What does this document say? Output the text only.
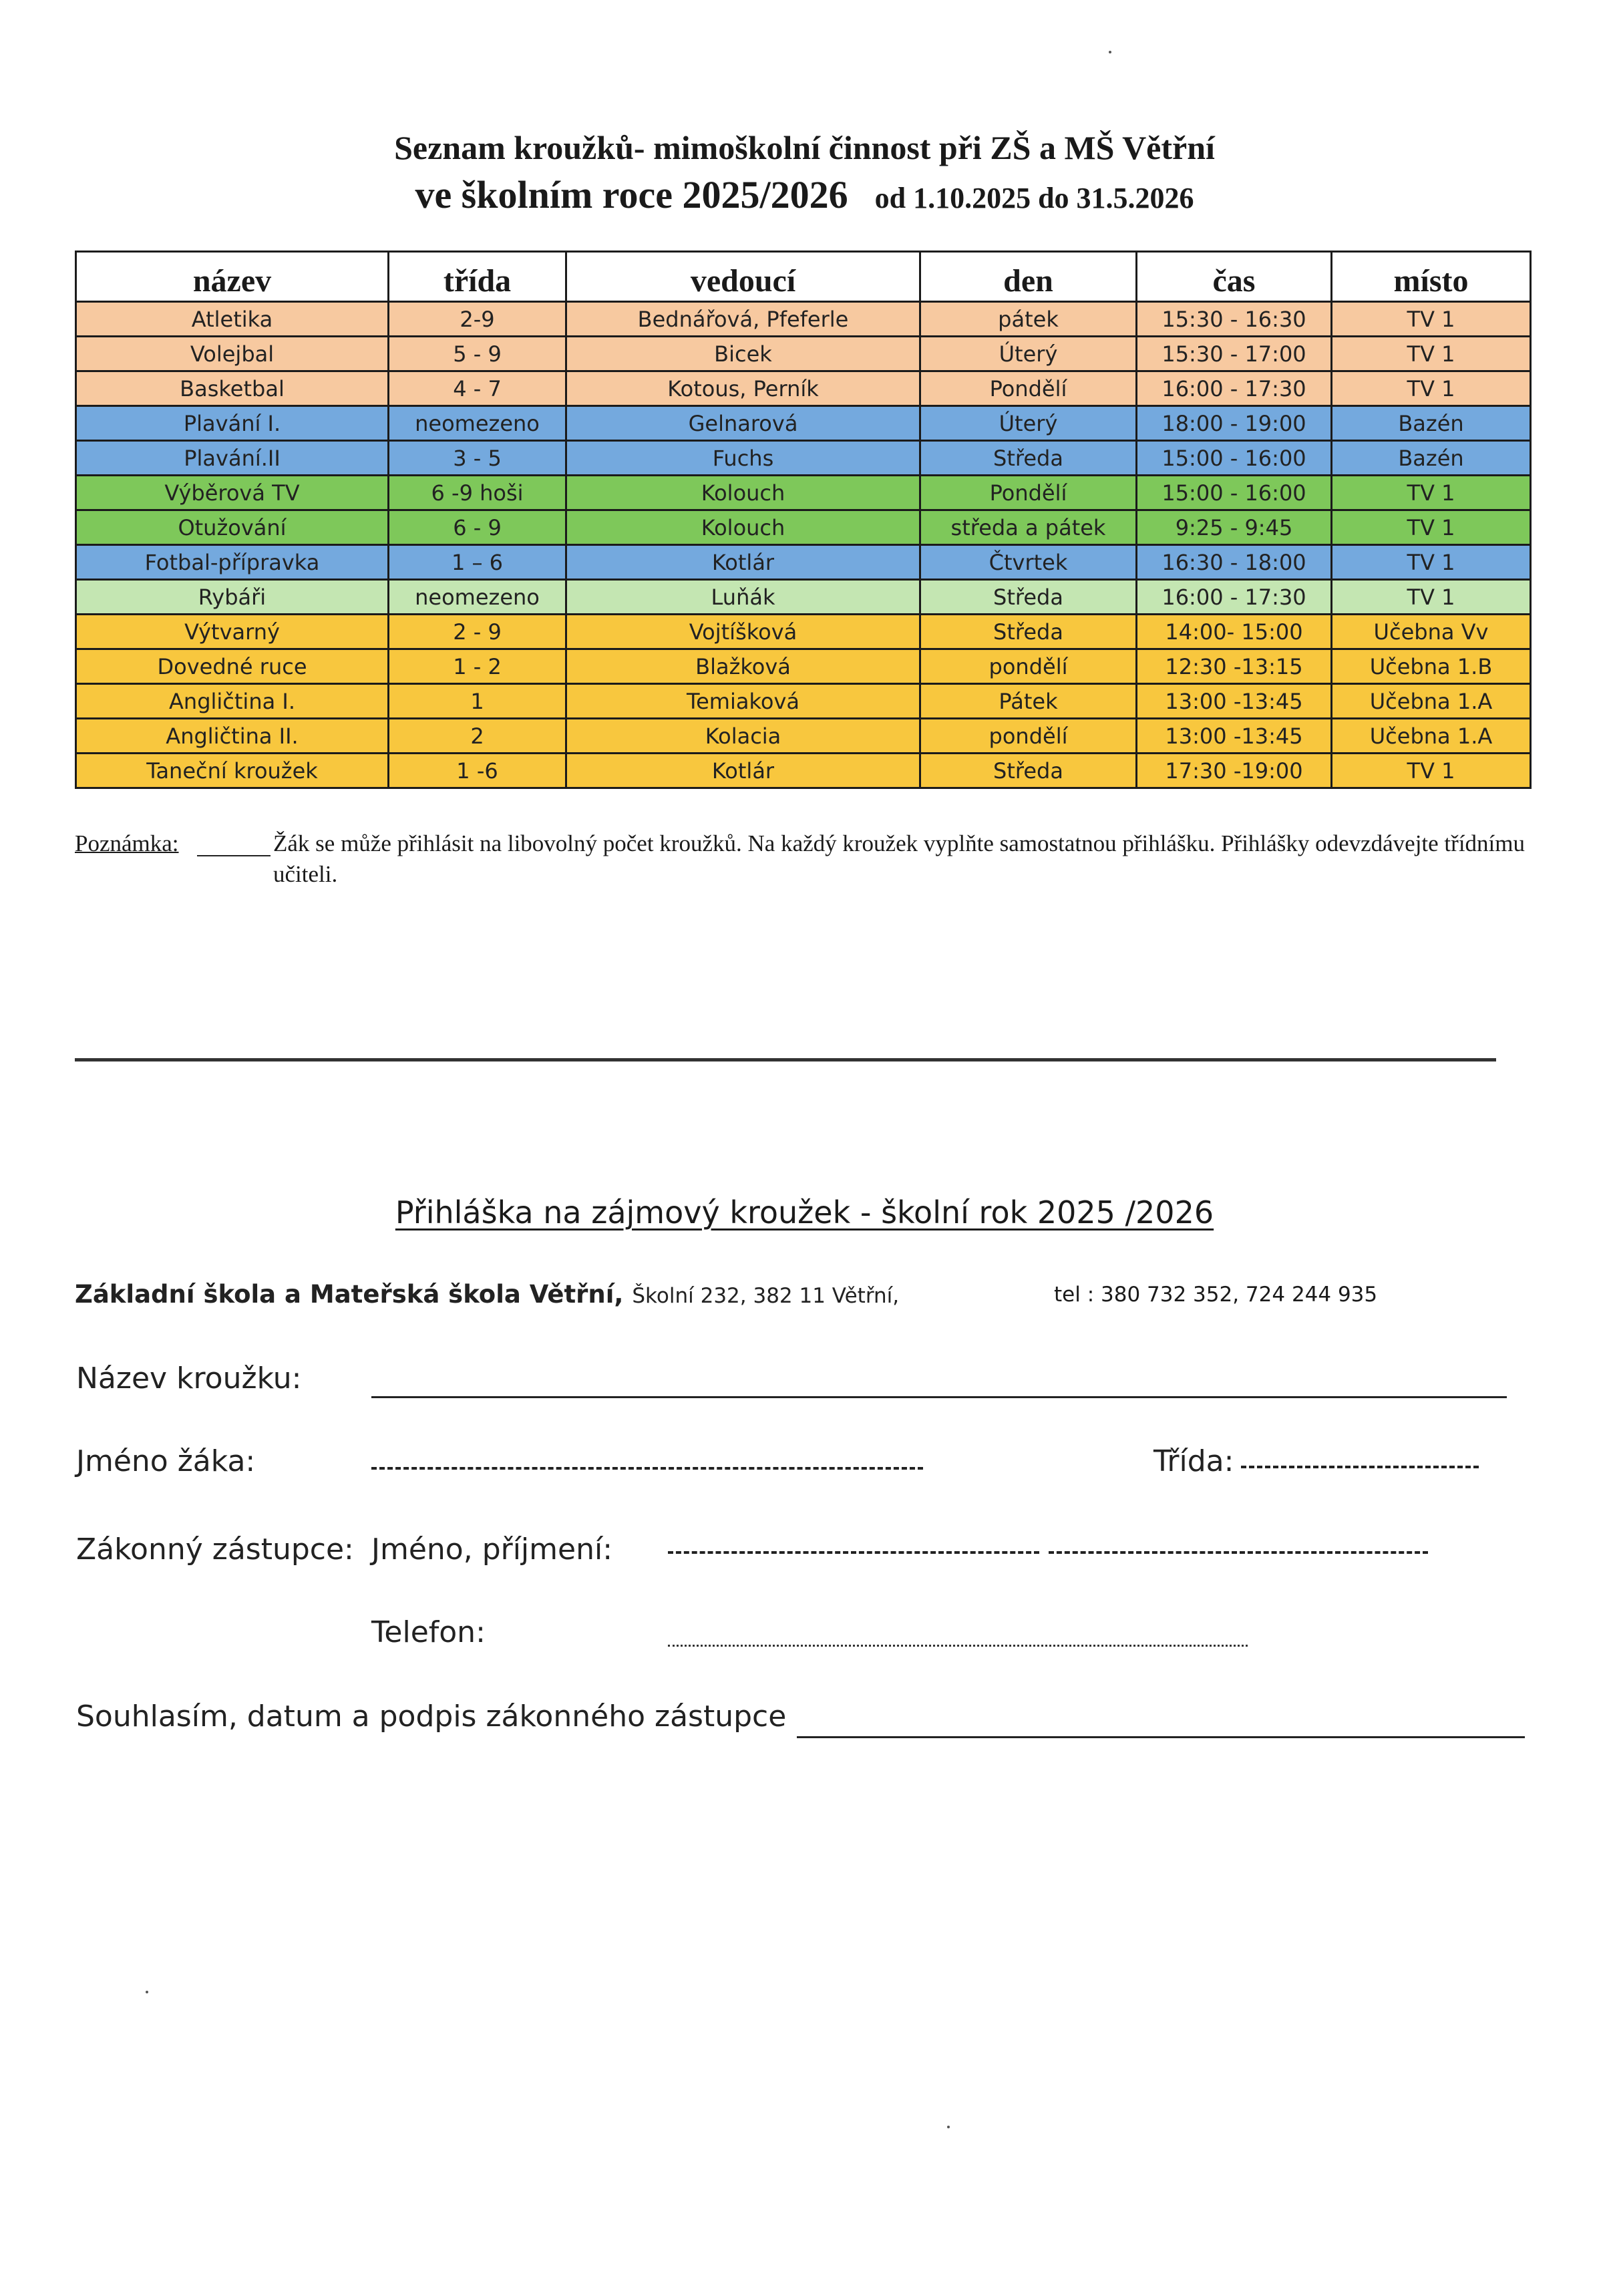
Seznam kroužků- mimoškolní činnost při ZŠ a MŠ Větřní
ve školním roce 2025/2026 od 1.10.2025 do 31.5.2026
název	třída	vedoucí	den	čas	místo
Atletika	2-9	Bednářová, Pfeferle	pátek	15:30 - 16:30	TV 1
Volejbal	5 - 9	Bicek	Úterý	15:30 - 17:00	TV 1
Basketbal	4 - 7	Kotous, Perník	Pondělí	16:00 - 17:30	TV 1
Plavání I.	neomezeno	Gelnarová	Úterý	18:00 - 19:00	Bazén
Plavání.II	3 - 5	Fuchs	Středa	15:00 - 16:00	Bazén
Výběrová TV	6 -9 hoši	Kolouch	Pondělí	15:00 - 16:00	TV 1
Otužování	6 - 9	Kolouch	středa a pátek	9:25 - 9:45	TV 1
Fotbal-přípravka	1 – 6	Kotlár	Čtvrtek	16:30 - 18:00	TV 1
Rybáři	neomezeno	Luňák	Středa	16:00 - 17:30	TV 1
Výtvarný	2 - 9	Vojtíšková	Středa	14:00- 15:00	Učebna Vv
Dovedné ruce	1 - 2	Blažková	pondělí	12:30 -13:15	Učebna 1.B
Angličtina I.	1	Temiaková	Pátek	13:00 -13:45	Učebna 1.A
Angličtina II.	2	Kolacia	pondělí	13:00 -13:45	Učebna 1.A
Taneční kroužek	1 -6	Kotlár	Středa	17:30 -19:00	TV 1
Poznámka:	Žák se může přihlásit na libovolný počet kroužků. Na každý kroužek vyplňte samostatnou přihlášku. Přihlášky odevzdávejte třídnímu učiteli.
Přihláška na zájmový kroužek - školní rok 2025 /2026
Základní škola a Mateřská škola Větřní, Školní 232, 382 11 Větřní,	tel : 380 732 352, 724 244 935
Název kroužku:
Jméno žáka:	Třída:
Zákonný zástupce: Jméno, příjmení:
Telefon:
Souhlasím, datum a podpis zákonného zástupce
